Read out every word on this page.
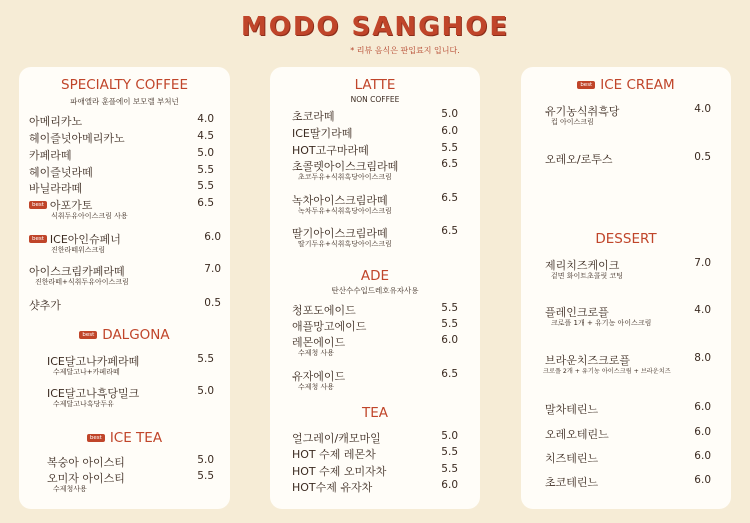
MODO SANGHOE
* 리뷰 음식은 판입료지 입니다.
SPECIALTY COFFEE
파애엘라 훈플에이 보모렐 부처넌
아메리카노	4.0
헤이즐넛아메리카노	4.5
카페라떼	5.0
헤이즐넛라떼	5.5
바닐라라떼	5.5
best 아포가토	6.5
식취두유아이스크림 사용
best ICE아인슈페너	6.0
진한라떼위스크림
아이스크림카페라떼	7.0
진한라떼+식취두유아이스크림
샷추가	0.5
best DALGONA
ICE달고나카페라떼	5.5
수제달고나+카페라떼
ICE달고나흑당밀크	5.0
수제달고나흑당두유
best ICE TEA
복숭아 아이스티	5.0
오미자 아이스티	5.5
수제청사용
LATTE
NON COFFEE
초코라떼	5.0
ICE딸기라떼	6.0
HOT고구마라떼	5.5
초콜렛아이스크림라떼	6.5
초코두유+식취흑당아이스크림
녹차아이스크림라떼	6.5
녹차두유+식취흑당아이스크림
딸기아이스크림라떼	6.5
딸기두유+식취흑당아이스크림
ADE
탄산수수입드레호유자사용
청포도에이드	5.5
애플망고에이드	5.5
레몬에이드	6.0
수제청 사용
유자에이드	6.5
수제청 사용
TEA
얼그레이/캐모마일	5.0
HOT 수제 레몬차	5.5
HOT 수제 오미자차	5.5
HOT수제 유자차	6.0
best ICE CREAM
유기농식취흑당	4.0
컵 아이스크림
오레오/로투스	0.5
DESSERT
제리치즈케이크	7.0
겉면 화이트초콜릿 코팅
플레인크로플	4.0
크로플 1개 + 유기농 아이스크림
브라운치즈크로플	8.0
크로플 2개 + 유기농 아이스크림 + 브라운치즈
말차테린느	6.0
오레오테린느	6.0
치즈테린느	6.0
초코테린느	6.0
